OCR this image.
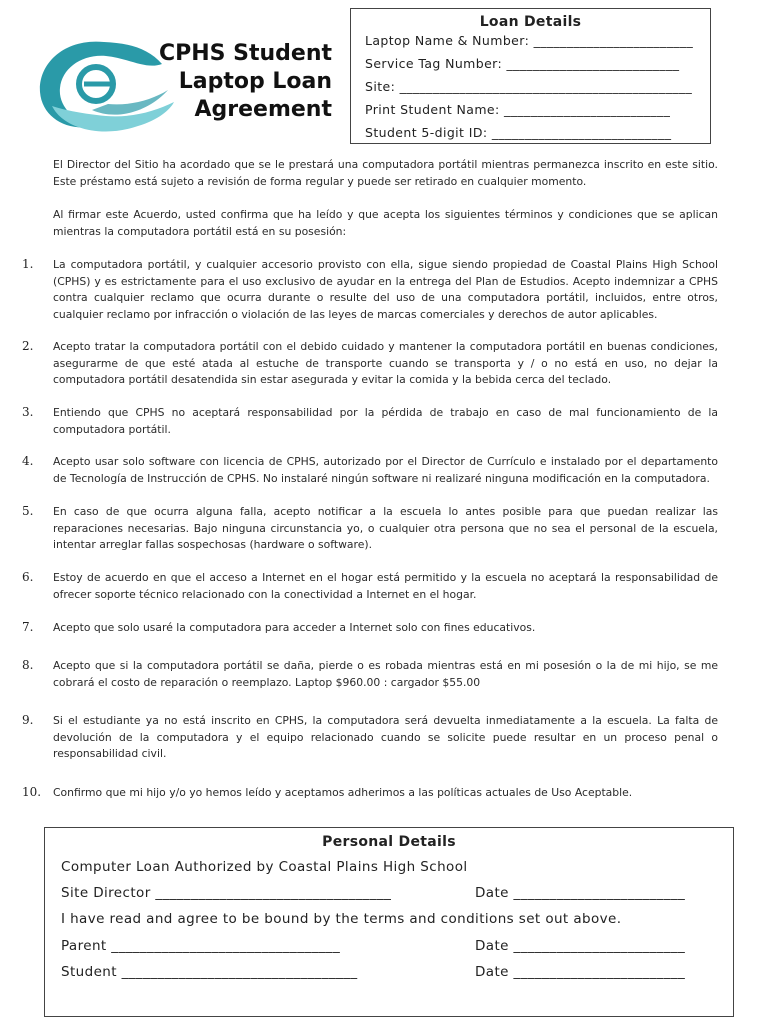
CPHS Student
Laptop Loan
Agreement
Loan Details
Laptop Name & Number: ________________________
Service Tag Number: __________________________
Site: ____________________________________________
Print Student Name: _________________________
Student 5-digit ID: ___________________________
El Director del Sitio ha acordado que se le prestará una computadora portátil mientras permanezca inscrito en este sitio. Este préstamo está sujeto a revisión de forma regular y puede ser retirado en cualquier momento.
Al firmar este Acuerdo, usted confirma que ha leído y que acepta los siguientes términos y condiciones que se aplican mientras la computadora portátil está en su posesión:
1.	La computadora portátil, y cualquier accesorio provisto con ella, sigue siendo propiedad de Coastal Plains High School (CPHS) y es estrictamente para el uso exclusivo de ayudar en la entrega del Plan de Estudios. Acepto indemnizar a CPHS contra cualquier reclamo que ocurra durante o resulte del uso de una computadora portátil, incluidos, entre otros, cualquier reclamo por infracción o violación de las leyes de marcas comerciales y derechos de autor aplicables.
2.	Acepto tratar la computadora portátil con el debido cuidado y mantener la computadora portátil en buenas condiciones, asegurarme de que esté atada al estuche de transporte cuando se transporta y / o no está en uso, no dejar la computadora portátil desatendida sin estar asegurada y evitar la comida y la bebida cerca del teclado.
3.	Entiendo que CPHS no aceptará responsabilidad por la pérdida de trabajo en caso de mal funcionamiento de la computadora portátil.
4.	Acepto usar solo software con licencia de CPHS, autorizado por el Director de Currículo e instalado por el departamento de Tecnología de Instrucción de CPHS. No instalaré ningún software ni realizaré ninguna modificación en la computadora.
5.	En caso de que ocurra alguna falla, acepto notificar a la escuela lo antes posible para que puedan realizar las reparaciones necesarias. Bajo ninguna circunstancia yo, o cualquier otra persona que no sea el personal de la escuela, intentar arreglar fallas sospechosas (hardware o software).
6.	Estoy de acuerdo en que el acceso a Internet en el hogar está permitido y la escuela no aceptará la responsabilidad de ofrecer soporte técnico relacionado con la conectividad a Internet en el hogar.
7.	Acepto que solo usaré la computadora para acceder a Internet solo con fines educativos.
8.	Acepto que si la computadora portátil se daña, pierde o es robada mientras está en mi posesión o la de mi hijo, se me cobrará el costo de reparación o reemplazo. Laptop $960.00 : cargador $55.00
9.	Si el estudiante ya no está inscrito en CPHS, la computadora será devuelta inmediatamente a la escuela. La falta de devolución de la computadora y el equipo relacionado cuando se solicite puede resultar en un proceso penal o responsabilidad civil.
10.	Confirmo que mi hijo y/o yo hemos leído y aceptamos adherimos a las políticas actuales de Uso Aceptable.
Personal Details
Computer Loan Authorized by Coastal Plains High School
Site Director _________________________________	Date ________________________
I have read and agree to be bound by the terms and conditions set out above.
Parent ________________________________	Date ________________________
Student _________________________________	Date ________________________
